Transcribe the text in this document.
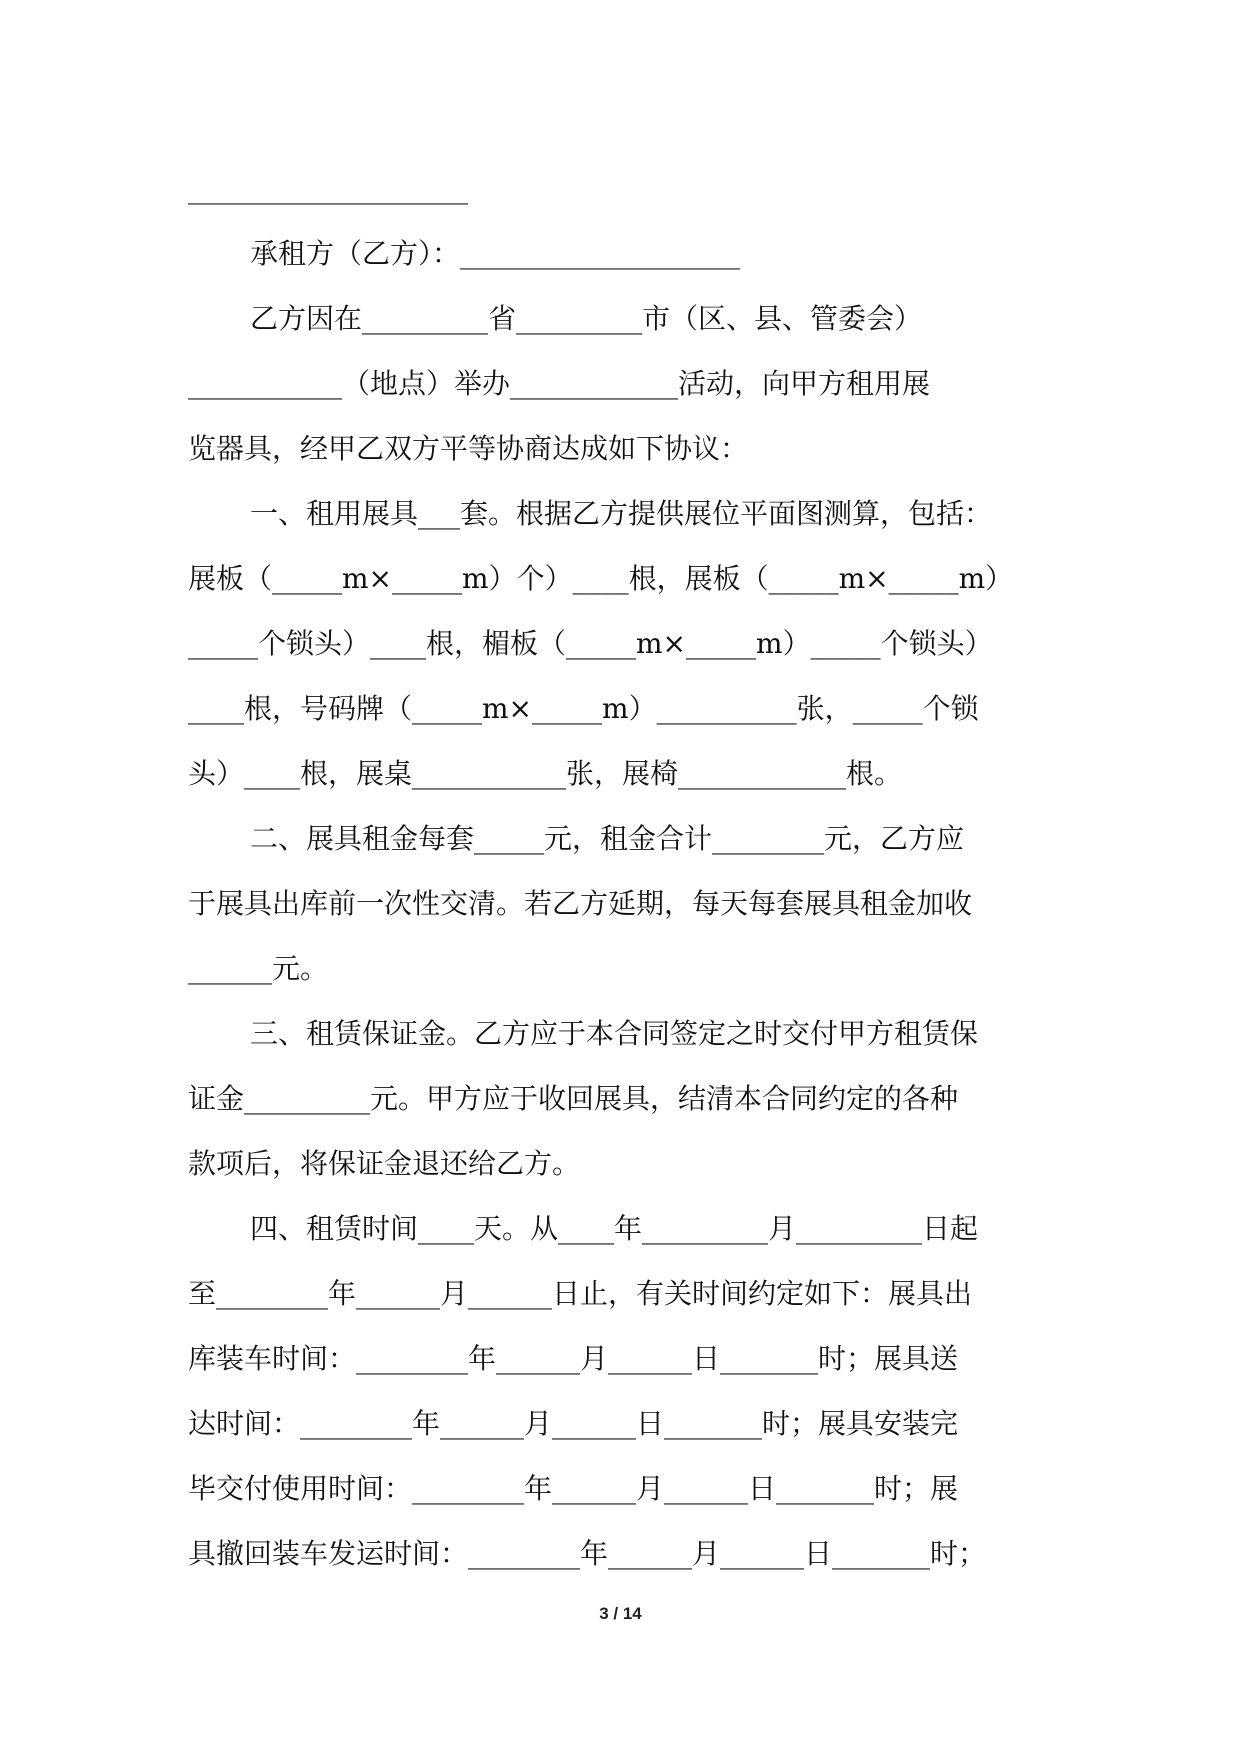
____________________
承租方（乙方）：____________________
乙方因在_________省_________市（区、县、管委会）
___________（地点）举办____________活动，向甲方租用展
览器具，经甲乙双方平等协商达成如下协议：
一、租用展具___套。根据乙方提供展位平面图测算，包括：
展板（_____m×_____m）个）____根，展板（_____m×_____m）
_____个锁头）____根，楣板（_____m×_____m）_____个锁头）
____根，号码牌（_____m×_____m）__________张，_____个锁
头）____根，展桌___________张，展椅____________根。
二、展具租金每套_____元，租金合计________元，乙方应
于展具出库前一次性交清。若乙方延期，每天每套展具租金加收
______元。
三、租赁保证金。乙方应于本合同签定之时交付甲方租赁保
证金_________元。甲方应于收回展具，结清本合同约定的各种
款项后，将保证金退还给乙方。
四、租赁时间____天。从____年_________月_________日起
至________年______月______日止，有关时间约定如下：展具出
库装车时间：________年______月______日_______时；展具送
达时间：________年______月______日_______时；展具安装完
毕交付使用时间：________年______月______日_______时；展
具撤回装车发运时间：________年______月______日_______时；
3 / 14
